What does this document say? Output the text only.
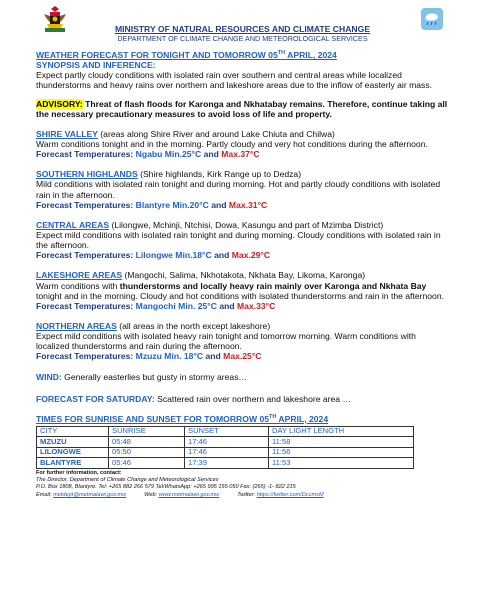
MINISTRY OF NATURAL RESOURCES AND CLIMATE CHANGE
DEPARTMENT OF CLIMATE CHANGE AND METEOROLOGICAL SERVICES
WEATHER FORECAST FOR TONIGHT AND TOMORROW 05TH APRIL, 2024
SYNOPSIS AND INFERENCE:
Expect partly cloudy conditions with isolated rain over southern and central areas while localized thunderstorms and heavy rains over northern and lakeshore areas due to the inflow of easterly air mass.
ADVISORY: Threat of flash floods for Karonga and Nkhatabay remains. Therefore, continue taking all the necessary precautionary measures to avoid loss of life and property.
SHIRE VALLEY (areas along Shire River and around Lake Chiuta and Chilwa)
Warm conditions tonight and in the morning. Partly cloudy and very hot conditions during the afternoon.
Forecast Temperatures: Ngabu Min.25°C and Max.37°C
SOUTHERN HIGHLANDS (Shire highlands, Kirk Range up to Dedza)
Mild conditions with isolated rain tonight and during morning. Hot and partly cloudy conditions with isolated rain in the afternoon.
Forecast Temperatures: Blantyre Min.20°C and Max.31°C
CENTRAL AREAS (Lilongwe, Mchinji, Ntchisi, Dowa, Kasungu and part of Mzimba District)
Expect mild conditions with isolated rain tonight and during morning. Cloudy conditions with isolated rain in the afternoon.
Forecast Temperatures: Lilongwe Min.18°C and Max.29°C
LAKESHORE AREAS (Mangochi, Salima, Nkhotakota, Nkhata Bay, Likoma, Karonga)
Warm conditions with thunderstorms and locally heavy rain mainly over Karonga and Nkhata Bay tonight and in the morning. Cloudy and hot conditions with isolated thunderstorms and rain in the afternoon.
Forecast Temperatures: Mangochi Min. 25°C and Max.33°C
NORTHERN AREAS (all areas in the north except lakeshore)
Expect mild conditions with isolated heavy rain tonight and tomorrow morning. Warm conditions with localized thunderstorms and rain during the afternoon.
Forecast Temperatures: Mzuzu Min. 18°C and Max.25°C
WIND: Generally easterlies but gusty in stormy areas…
FORECAST FOR SATURDAY: Scattered rain over northern and lakeshore area …
TIMES FOR SUNRISE AND SUNSET FOR TOMORROW 05TH APRIL, 2024
CITY	SUNRISE	SUNSET	DAY LIGHT LENGTH
MZUZU	05:48	17:46	11:58
LILONGWE	05:50	17:46	11:56
BLANTYRE	05:46	17:39	11:53
For further information, contact:
The Director, Department of Climate Change and Meteorological Services
P.O. Box 1808, Blantyre. Tel: +265 882 266 579 Tel/WhatsApp: +265 995 155 050 Fax: (265) -1- 822 215
Email: metdept@metmalawi.gov.mw	Web: www.metmalawi.gov.mw	Twitter: https://twitter.com/DccmsM
